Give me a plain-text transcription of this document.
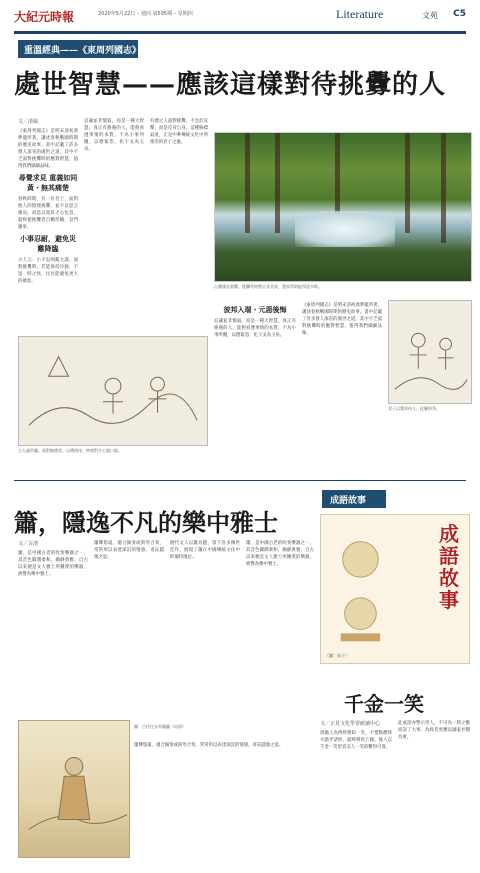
大紀元時報	2020年5月22日 – 週四 第595期 – 星期四	Literature	文苑 C5
重溫經典——《東周列國志》
處世智慧——應該這樣對待挑釁的人
文／清風
《東周列國志》是明末清初馮夢龍所著，講述春秋戰國時期的歷史故事。書中記載了許多發人深省的處世之道，其中不乏面對挑釁時的應對智慧，值得我們細細品味。
尋覺求見 重義如同黃・無其痛楚
春秋時期，有一位名士，面對他人的無理挑釁，並不以惡言相向，而是以寬厚之心包容，最終使挑釁者自慚形穢，登門謝罪。
小事忍耐，避免災難降臨
古人云：小不忍則亂大謀。面對挑釁時，若能保持冷靜，不逞一時之快，往往能避免更大的禍患。
忍讓並非懦弱，而是一種大智慧。真正有修養的人，能夠看透事情的本質，不為小事所擾，以德報怨，化干戈為玉帛。
有德之人面對挑釁，不急於反擊，而是反省自身。這種胸襟氣度，正是中華傳統文化中所推崇的君子之風。
山澗溪流景觀。挑釁者終將自食其果，寬厚者則能得道多助。
彼邦入瑞・元惡後悔
忍讓並非懦弱，而是一種大智慧。真正有修養的人，能夠看透事情的本質，不為小事所擾，以德報怨，化干戈為玉帛。
《東周列國志》是明末清初馮夢龍所著，講述春秋戰國時期的歷史故事。書中記載了許多發人深省的處世之道，其中不乏面對挑釁時的應對智慧，值得我們細細品味。
古人處世圖。面對無禮者，以禮相待，終使對方心服口服。
君子以寬厚待人，化解紛爭。
簫，隱逸不凡的樂中雅士
文／古清
簫，是中國古老的吹奏樂器之一，其音色圓潤柔和，幽靜典雅，自古以來便是文人雅士所鍾愛的樂器，被譽為樂中雅士。
簫聲悠遠，適合獨奏或與琴合奏，常常用以表達深沉的情感，寄託隱逸之思。
歷代文人以簫為題，留下許多傳世佳作，展現了簫在中國傳統文化中的獨特地位。
簫，是中國古老的吹奏樂器之一，其音色圓潤柔和，幽靜典雅，自古以來便是文人雅士所鍾愛的樂器，被譽為樂中雅士。
圖：古代仕女吹簫圖（局部）
簫聲悠遠，適合獨奏或與琴合奏，常常用以表達深沉的情感，寄託隱逸之思。
成語故事
成語故事
（圖：雨子）
千金一笑
文／正見文化學習研讀中心
周幽王為博得褒姒一笑，不惜點燃烽火戲弄諸侯，最終導致亡國。後人以千金一笑形容美人一笑的難得可貴。
此成語亦警示世人，不可為一時之歡而誤了大事，為政者更應以國家社稷為重。
